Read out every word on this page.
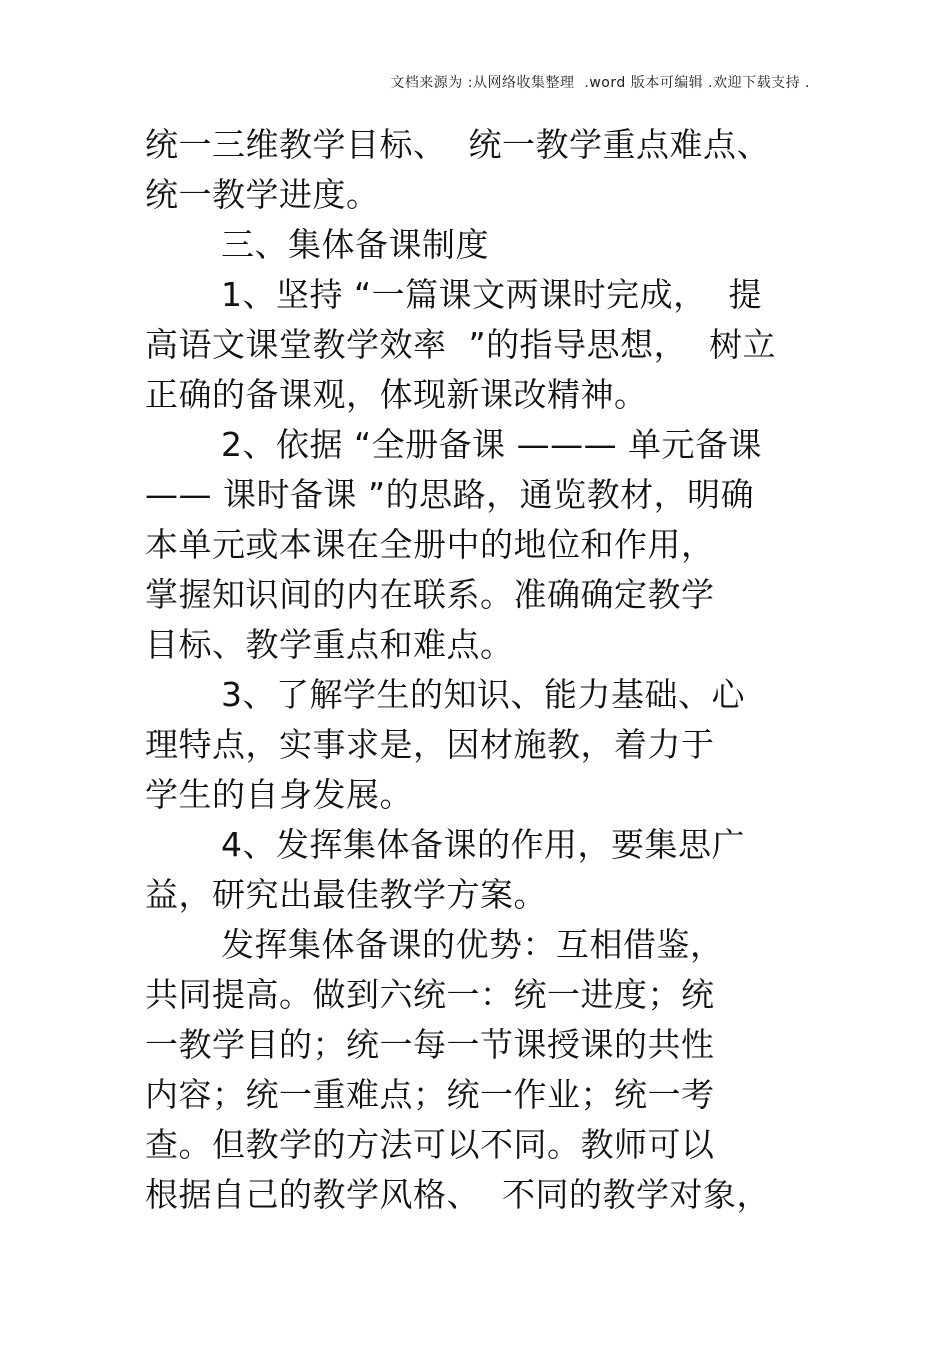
文档来源为 :从网络收集整理  .word 版本可编辑 .欢迎下载支持 .
统一三维教学目标、  统一教学重点难点、
统一教学进度。
三、集体备课制度
1、坚持 “一篇课文两课时完成，  提
高语文课堂教学效率  ”的指导思想，  树立
正确的备课观，体现新课改精神。
2、依据 “全册备课 ——— 单元备课
—— 课时备课 ”的思路，通览教材，明确
本单元或本课在全册中的地位和作用，
掌握知识间的内在联系。准确确定教学
目标、教学重点和难点。
3、了解学生的知识、能力基础、心
理特点，实事求是，因材施教，着力于
学生的自身发展。
4、发挥集体备课的作用，要集思广
益，研究出最佳教学方案。
发挥集体备课的优势：互相借鉴，
共同提高。做到六统一：统一进度；统
一教学目的；统一每一节课授课的共性
内容；统一重难点；统一作业；统一考
查。但教学的方法可以不同。教师可以
根据自己的教学风格、  不同的教学对象，
